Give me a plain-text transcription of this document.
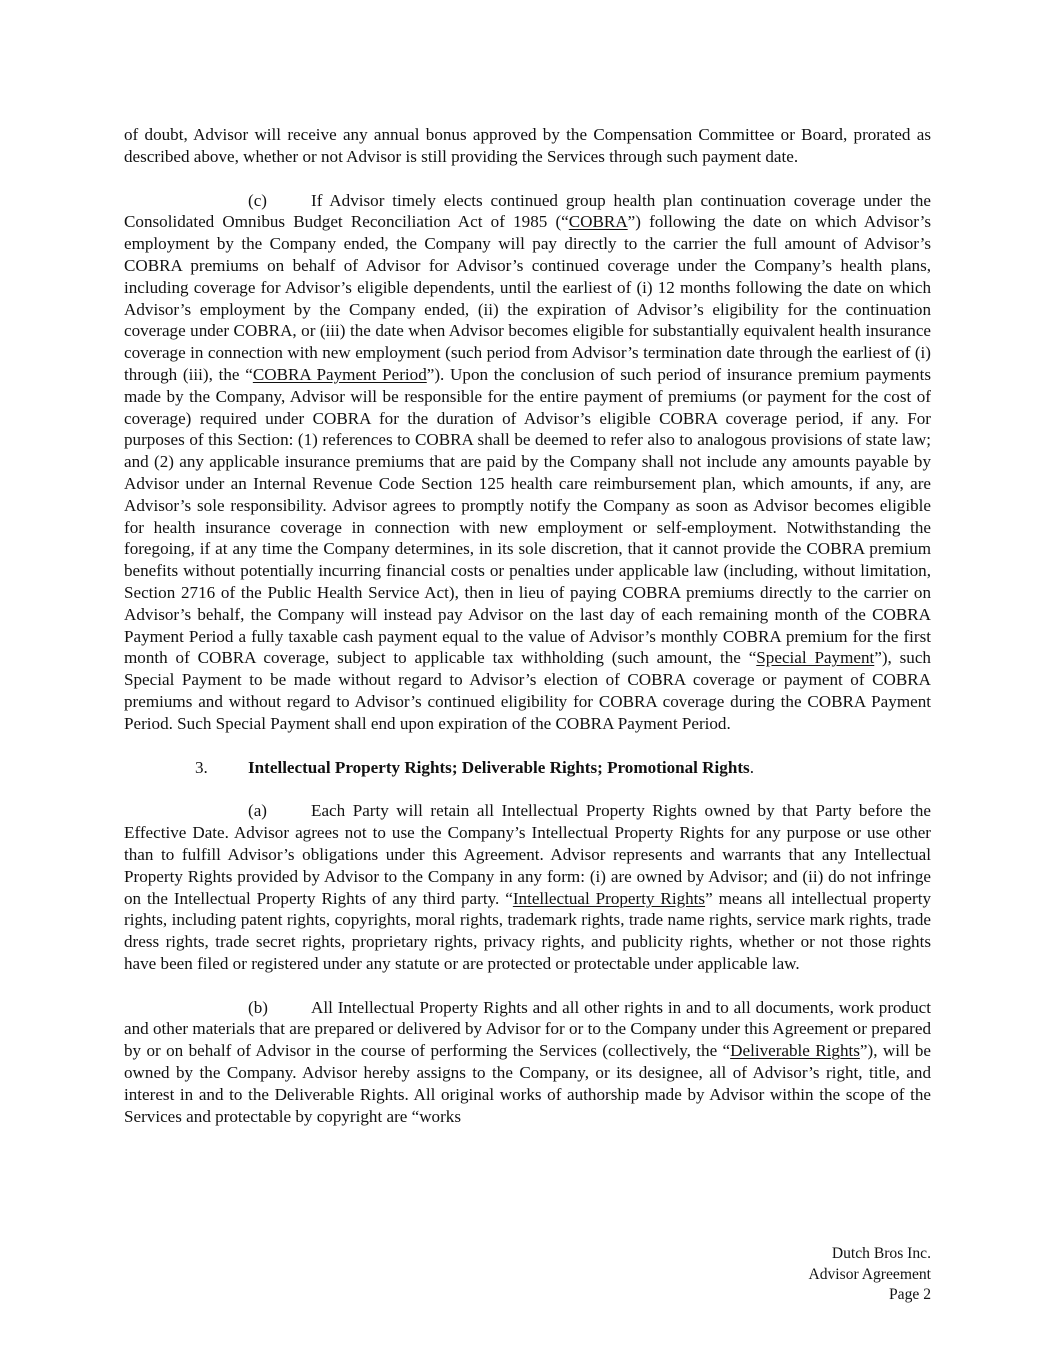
of doubt, Advisor will receive any annual bonus approved by the Compensation Committee or Board, prorated as described above, whether or not Advisor is still providing the Services through such payment date.

(c)	If Advisor timely elects continued group health plan continuation coverage under the Consolidated Omnibus Budget Reconciliation Act of 1985 (“COBRA”) following the date on which Advisor’s employment by the Company ended, the Company will pay directly to the carrier the full amount of Advisor’s COBRA premiums on behalf of Advisor for Advisor’s continued coverage under the Company’s health plans, including coverage for Advisor’s eligible dependents, until the earliest of (i) 12 months following the date on which Advisor’s employment by the Company ended, (ii) the expiration of Advisor’s eligibility for the continuation coverage under COBRA, or (iii) the date when Advisor becomes eligible for substantially equivalent health insurance coverage in connection with new employment (such period from Advisor’s termination date through the earliest of (i) through (iii), the “COBRA Payment Period”). Upon the conclusion of such period of insurance premium payments made by the Company, Advisor will be responsible for the entire payment of premiums (or payment for the cost of coverage) required under COBRA for the duration of Advisor’s eligible COBRA coverage period, if any. For purposes of this Section: (1) references to COBRA shall be deemed to refer also to analogous provisions of state law; and (2) any applicable insurance premiums that are paid by the Company shall not include any amounts payable by Advisor under an Internal Revenue Code Section 125 health care reimbursement plan, which amounts, if any, are Advisor’s sole responsibility. Advisor agrees to promptly notify the Company as soon as Advisor becomes eligible for health insurance coverage in connection with new employment or self-employment. Notwithstanding the foregoing, if at any time the Company determines, in its sole discretion, that it cannot provide the COBRA premium benefits without potentially incurring financial costs or penalties under applicable law (including, without limitation, Section 2716 of the Public Health Service Act), then in lieu of paying COBRA premiums directly to the carrier on Advisor’s behalf, the Company will instead pay Advisor on the last day of each remaining month of the COBRA Payment Period a fully taxable cash payment equal to the value of Advisor’s monthly COBRA premium for the first month of COBRA coverage, subject to applicable tax withholding (such amount, the “Special Payment”), such Special Payment to be made without regard to Advisor’s election of COBRA coverage or payment of COBRA premiums and without regard to Advisor’s continued eligibility for COBRA coverage during the COBRA Payment Period. Such Special Payment shall end upon expiration of the COBRA Payment Period.

3. Intellectual Property Rights; Deliverable Rights; Promotional Rights.

(a)	Each Party will retain all Intellectual Property Rights owned by that Party before the Effective Date. Advisor agrees not to use the Company’s Intellectual Property Rights for any purpose or use other than to fulfill Advisor’s obligations under this Agreement. Advisor represents and warrants that any Intellectual Property Rights provided by Advisor to the Company in any form: (i) are owned by Advisor; and (ii) do not infringe on the Intellectual Property Rights of any third party. “Intellectual Property Rights” means all intellectual property rights, including patent rights, copyrights, moral rights, trademark rights, trade name rights, service mark rights, trade dress rights, trade secret rights, proprietary rights, privacy rights, and publicity rights, whether or not those rights have been filed or registered under any statute or are protected or protectable under applicable law.

(b)	All Intellectual Property Rights and all other rights in and to all documents, work product and other materials that are prepared or delivered by Advisor for or to the Company under this Agreement or prepared by or on behalf of Advisor in the course of performing the Services (collectively, the “Deliverable Rights”), will be owned by the Company. Advisor hereby assigns to the Company, or its designee, all of Advisor’s right, title, and interest in and to the Deliverable Rights. All original works of authorship made by Advisor within the scope of the Services and protectable by copyright are “works

Dutch Bros Inc.
Advisor Agreement
Page 2
